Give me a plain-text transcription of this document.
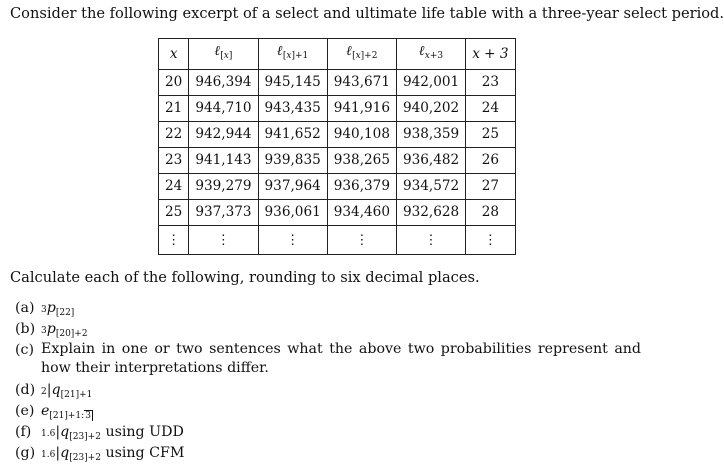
Consider the following excerpt of a select and ultimate life table with a three-year select period.
x	ℓ$_{[x]}$	ℓ$_{[x]+1}$	ℓ$_{[x]+2}$	ℓ$_{x+3}$	x + 3
20	946,394	945,145	943,671	942,001	23
21	944,710	943,435	941,916	940,202	24
22	942,944	941,652	940,108	938,359	25
23	941,143	939,835	938,265	936,482	26
24	939,279	937,964	936,379	934,572	27
25	937,373	936,061	934,460	932,628	28
⋮	⋮	⋮	⋮	⋮	⋮
Calculate each of the following, rounding to six decimal places.
(a) $3p_{[22]}$
(b) $3p_{[20]+2}$
(c) Explain in one or two sentences what the above two probabilities represent and how their interpretations differ.
(d) $2|q_{[21]+1}$
(e) $e_{[21]+1:3}$
(f) $1.6|q_{[23]+2}$ using UDD
(g) $1.6|q_{[23]+2}$ using CFM
